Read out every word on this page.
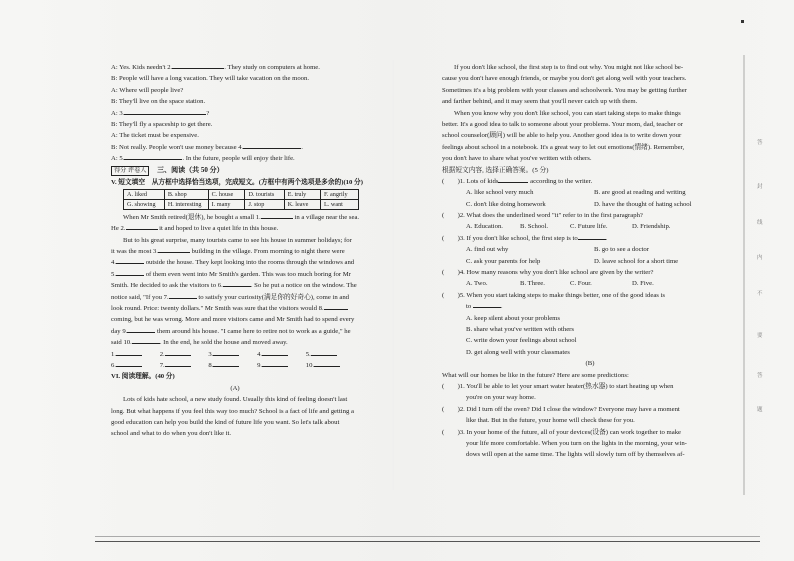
A: Yes. Kids needn't 2.	. They study on computers at home.
B: People will have a long vacation. They will take vacation on the moon.
A: Where will people live?
B: They'll live on the space station.
A: 3.	?
B: They'll fly a spaceship to get there.
A: The ticket must be expensive.
B: Not really. People won't use money because 4.	.
A: 5.	. In the future, people will enjoy their life.
得分 评卷人 三、阅读（共 50 分）
V. 短文填空　从方框中选择恰当选项，完成短文。(方框中有两个选项是多余的)(10 分)
A. liked	B. shop	C. house	D. tourists	E. truly	F. angrily
G. showing	H. interesting	I. many	J. stop	K. leave	L. want
When Mr Smith retired(退休), he bought a small 1.	in a village near the sea.
He 2.	it and hoped to live a quiet life in this house.
But to his great surprise, many tourists came to see his house in summer holidays; for
it was the most 3.	building in the village. From morning to night there were
4.	outside the house. They kept looking into the rooms through the windows and
5.	of them even went into Mr Smith's garden. This was too much boring for Mr
Smith. He decided to ask the visitors to 6.	. So he put a notice on the window. The
notice said, "If you 7.	to satisfy your curiosity(满足你的好奇心), come in and
look round. Price: twenty dollars." Mr Smith was sure that the visitors would 8.
coming, but he was wrong. More and more visitors came and Mr Smith had to spend every
day 9.	them around his house. "I came here to retire not to work as a guide," he
said 10.	. In the end, he sold the house and moved away.
1.	2.	3.	4.	5.
6.	7.	8.	9.	10.
VI. 阅读理解。(40 分)
(A)
Lots of kids hate school, a new study found. Usually this kind of feeling doesn't last
long. But what happens if you feel this way too much? School is a fact of life and getting a
good education can help you build the kind of future life you want. So let's talk about
school and what to do when you don't like it.
If you don't like school, the first step is to find out why. You might not like school be-
cause you don't have enough friends, or maybe you don't get along well with your teachers.
Sometimes it's a big problem with your classes and schoolwork. You may be getting further
and farther behind, and it may seem that you'll never catch up with them.
When you know why you don't like school, you can start taking steps to make things
better. It's a good idea to talk to someone about your problems. Your mom, dad, teacher or
school counselor(顾问) will be able to help you. Another good idea is to write down your
feelings about school in a notebook. It's a great way to let out emotions(情绪). Remember,
you don't have to share what you've written with others.
根据短文内容, 选择正确答案。(5 分)
(　　)1. Lots of kids	according to the writer.
A. like school very much	B. are good at reading and writing
C. don't like doing homework	D. have the thought of hating school
(　　)2. What does the underlined word "it" refer to in the first paragraph?
A. Education.	B. School.	C. Future life.	D. Friendship.
(　　)3. If you don't like school, the first step is to	.
A. find out why	B. go to see a doctor
C. ask your parents for help	D. leave school for a short time
(　　)4. How many reasons why you don't like school are given by the writer?
A. Two.	B. Three.	C. Four.	D. Five.
(　　)5. When you start taking steps to make things better, one of the good ideas is
to	.
A. keep silent about your problems
B. share what you've written with others
C. write down your feelings about school
D. get along well with your classmates
(B)
What will our homes be like in the future? Here are some predictions:
(　　)1. You'll be able to let your smart water heater(热水器) to start heating up when
you're on your way home.
(　　)2. Did I turn off the oven? Did I close the window? Everyone may have a moment
like that. But in the future, your home will check these for you.
(　　)3. In your home of the future, all of your devices(设备) can work together to make
your life more comfortable. When you turn on the lights in the morning, your win-
dows will open at the same time. The lights will slowly turn off by themselves af-
答
封
线
内
不
要
答
题
